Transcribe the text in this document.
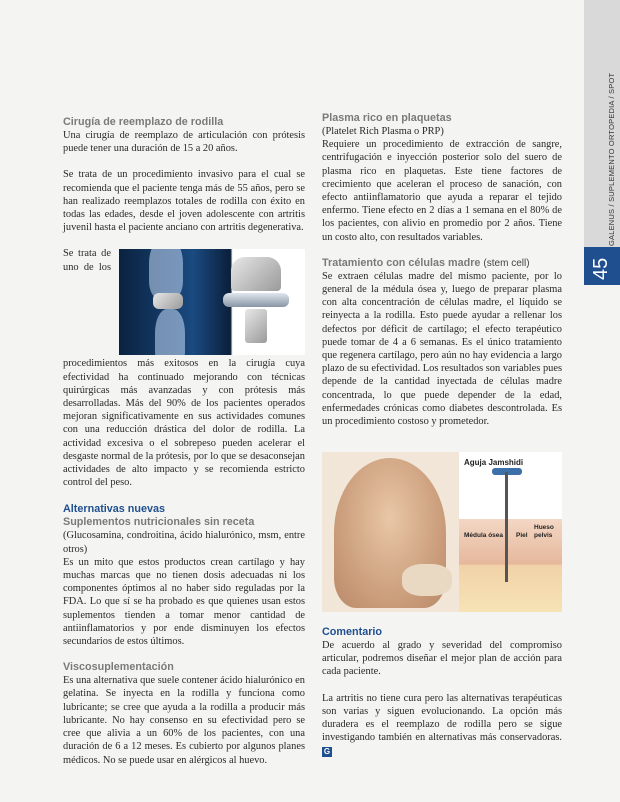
GALENUS / SUPLEMENTO ORTOPEDIA / SPOT
45
Cirugía de reemplazo de rodilla

Una cirugía de reemplazo de articulación con prótesis puede tener una duración de 15 a 20 años.

Se trata de un procedimiento invasivo para el cual se recomienda que el paciente tenga más de 55 años, pero se han realizado reemplazos totales de rodilla con éxito en todas las edades, desde el joven adolescente con artritis juvenil hasta el paciente anciano con artritis degenerativa.

Se trata de uno de los procedimientos más exitosos en la cirugía cuya efectividad ha continuado mejorando con técnicas quirúrgicas más avanzadas y con prótesis más desarrolladas. Más del 90% de los pacientes operados mejoran significativamente en sus actividades comunes con una reducción drástica del dolor de rodilla. La actividad excesiva o el sobrepeso pueden acelerar el desgaste normal de la prótesis, por lo que se desaconsejan actividades de alto impacto y se recomienda estricto control del peso.

Alternativas nuevas
Suplementos nutricionales sin receta
(Glucosamina, condroitina, ácido hialurónico, msm, entre otros)

Es un mito que estos productos crean cartílago y hay muchas marcas que no tienen dosis adecuadas ni los componentes óptimos al no haber sido reguladas por la FDA. Lo que sí se ha probado es que quienes usan estos suplementos tienden a tomar menor cantidad de antiinflamatorios y por ende disminuyen los efectos secundarios de estos últimos.

Viscosuplementación

Es una alternativa que suele contener ácido hialurónico en gelatina. Se inyecta en la rodilla y funciona como lubricante; se cree que ayuda a la rodilla a producir más lubricante. No hay consenso en su efectividad pero se cree que alivia a un 60% de los pacientes, con una duración de 6 a 12 meses. Es cubierto por algunos planes médicos. No se puede usar en alérgicos al huevo.

Plasma rico en plaquetas
(Platelet Rich Plasma o PRP)

Requiere un procedimiento de extracción de sangre, centrifugación e inyección posterior solo del suero de plasma rico en plaquetas. Este tiene factores de crecimiento que aceleran el proceso de sanación, con efecto antiinflamatorio que ayuda a reparar el tejido enfermo. Tiene efecto en 2 días a 1 semana en el 80% de los pacientes, con alivio en promedio por 2 años. Tiene un costo alto, con resultados variables.

Tratamiento con células madre (stem cell)

Se extraen células madre del mismo paciente, por lo general de la médula ósea y, luego de preparar plasma con alta concentración de células madre, el líquido se reinyecta a la rodilla. Esto puede ayudar a rellenar los defectos por déficit de cartílago; el efecto terapéutico puede tomar de 4 a 6 semanas. Es el único tratamiento que regenera cartílago, pero aún no hay evidencia a largo plazo de su efectividad. Los resultados son variables pues depende de la cantidad inyectada de células madre concentrada, lo que puede depender de la edad, enfermedades crónicas como diabetes descontrolada. Es un procedimiento costoso y prometedor.

Aguja Jamshidi
Médula ósea Piel
Hueso pelvis
Comentario

De acuerdo al grado y severidad del compromiso articular, podremos diseñar el mejor plan de acción para cada paciente.

La artritis no tiene cura pero las alternativas terapéuticas son varias y siguen evolucionando. La opción más duradera es el reemplazo de rodilla pero se sigue investigando también en alternativas más conservadoras. G
